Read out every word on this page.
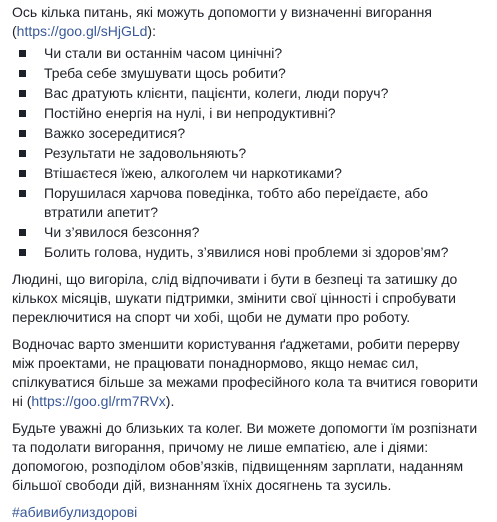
Ось кілька питань, які можуть допомогти у визначенні вигорання (https://goo.gl/sHjGLd):

Чи стали ви останнім часом цинічні?
Треба себе змушувати щось робити?
Вас дратують клієнти, пацієнти, колеги, люди поруч?
Постійно енергія на нулі, і ви непродуктивні?
Важко зосередитися?
Результати не задовольняють?
Втішаєтеся їжею, алкоголем чи наркотиками?
Порушилася харчова поведінка, тобто або переїдаєте, або втратили апетит?
Чи з’явилося безсоння?
Болить голова, нудить, з’явилися нові проблеми зі здоров’ям?

Людині, що вигоріла, слід відпочивати і бути в безпеці та затишку до кількох місяців, шукати підтримки, змінити свої цінності і спробувати переключитися на спорт чи хобі, щоби не думати про роботу.

Водночас варто зменшити користування ґаджетами, робити перерву між проектами, не працювати понаднормово, якщо немає сил, спілкуватися більше за межами професійного кола та вчитися говорити ні (https://goo.gl/rm7RVx).

Будьте уважні до близьких та колег. Ви можете допомогти їм розпізнати та подолати вигорання, причому не лише емпатією, але і діями: допомогою, розподілом обов’язків, підвищенням зарплати, наданням більшої свободи дій, визнанням їхніх досягнень та зусиль.

#абивибулиздорові
